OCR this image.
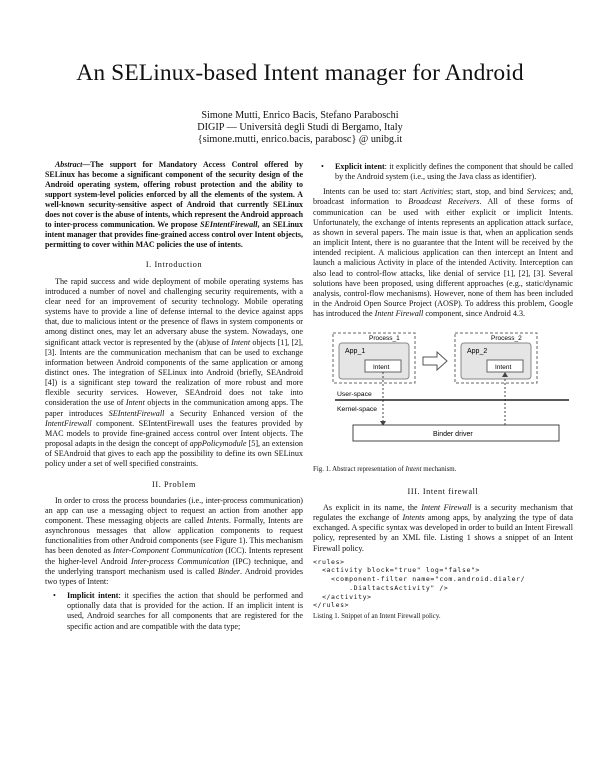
An SELinux-based Intent manager for Android
Simone Mutti, Enrico Bacis, Stefano Paraboschi
DIGIP — Università degli Studi di Bergamo, Italy
{simone.mutti, enrico.bacis, parabosc} @ unibg.it

Abstract—The support for Mandatory Access Control offered by SELinux has become a significant component of the security design of the Android operating system, offering robust protection and the ability to support system-level policies enforced by all the elements of the system. A well-known security-sensitive aspect of Android that currently SELinux does not cover is the abuse of intents, which represent the Android approach to inter-process communication. We propose SEIntentFirewall, an SELinux intent manager that provides fine-grained access control over Intent objects, permitting to cover within MAC policies the use of intents.

I. Introduction

The rapid success and wide deployment of mobile operating systems has introduced a number of novel and challenging security requirements, with a clear need for an improvement of security technology. Mobile operating systems have to provide a line of defense internal to the device against apps that, due to malicious intent or the presence of flaws in system components or among distinct ones, may let an adversary abuse the system. Nowadays, one significant attack vector is represented by the (ab)use of Intent objects [1], [2], [3]. Intents are the communication mechanism that can be used to exchange information between Android components of the same application or among distinct ones. The integration of SELinux into Android (briefly, SEAndroid [4]) is a significant step toward the realization of more robust and more flexible security services. However, SEAndroid does not take into consideration the use of Intent objects in the communication among apps. The paper introduces SEIntentFirewall a Security Enhanced version of the IntentFirewall component. SEIntentFirewall uses the features provided by MAC models to provide fine-grained access control over Intent objects. The proposal adapts in the design the concept of appPolicymodule [5], an extension of SEAndroid that gives to each app the possibility to define its own SELinux policy under a set of well specified constraints.

II. Problem

In order to cross the process boundaries (i.e., inter-process communication) an app can use a messaging object to request an action from another app component. These messaging objects are called Intents. Formally, Intents are asynchronous messages that allow application components to request functionalities from other Android components (see Figure 1). This mechanism has been denoted as Inter-Component Communication (ICC). Intents represent the higher-level Android Inter-process Communication (IPC) technique, and the underlying transport mechanism used is called Binder. Android provides two types of Intent:

• Implicit intent: it specifies the action that should be performed and optionally data that is provided for the action. If an implicit intent is used, Android searches for all components that are registered for the specific action and are compatible with the data type;
• Explicit intent: it explicitly defines the component that should be called by the Android system (i.e., using the Java class as identifier).

Intents can be used to: start Activities; start, stop, and bind Services; and, broadcast information to Broadcast Receivers. All of these forms of communication can be used with either explicit or implicit Intents. Unfortunately, the exchange of intents represents an application attack surface, as shown in several papers. The main issue is that, when an application sends an implicit Intent, there is no guarantee that the Intent will be received by the intended recipient. A malicious application can then intercept an Intent and launch a malicious Activity in place of the intended Activity. Interception can also lead to control-flow attacks, like denial of service [1], [2], [3]. Several solutions have been proposed, using different approaches (e.g., static/dynamic analysis, control-flow mechanisms). However, none of them has been included in the Android Open Source Project (AOSP). To address this problem, Google has introduced the Intent Firewall component, since Android 4.3.

Process_1
App_1
Intent
Process_2
App_2
Intent
User-space
Kernel-space
Binder driver

Fig. 1. Abstract representation of Intent mechanism.

III. Intent firewall

As explicit in its name, the Intent Firewall is a security mechanism that regulates the exchange of Intents among apps, by analyzing the type of data exchanged. A specific syntax was developed in order to build an Intent Firewall policy, represented by an XML file. Listing 1 shows a snippet of an Intent Firewall policy.

<rules>
<activity block="true" log="false">
<component-filter name="com.android.dialer/
.DialtactsActivity" />
</activity>
</rules>

Listing 1. Snippet of an Intent Firewall policy.
